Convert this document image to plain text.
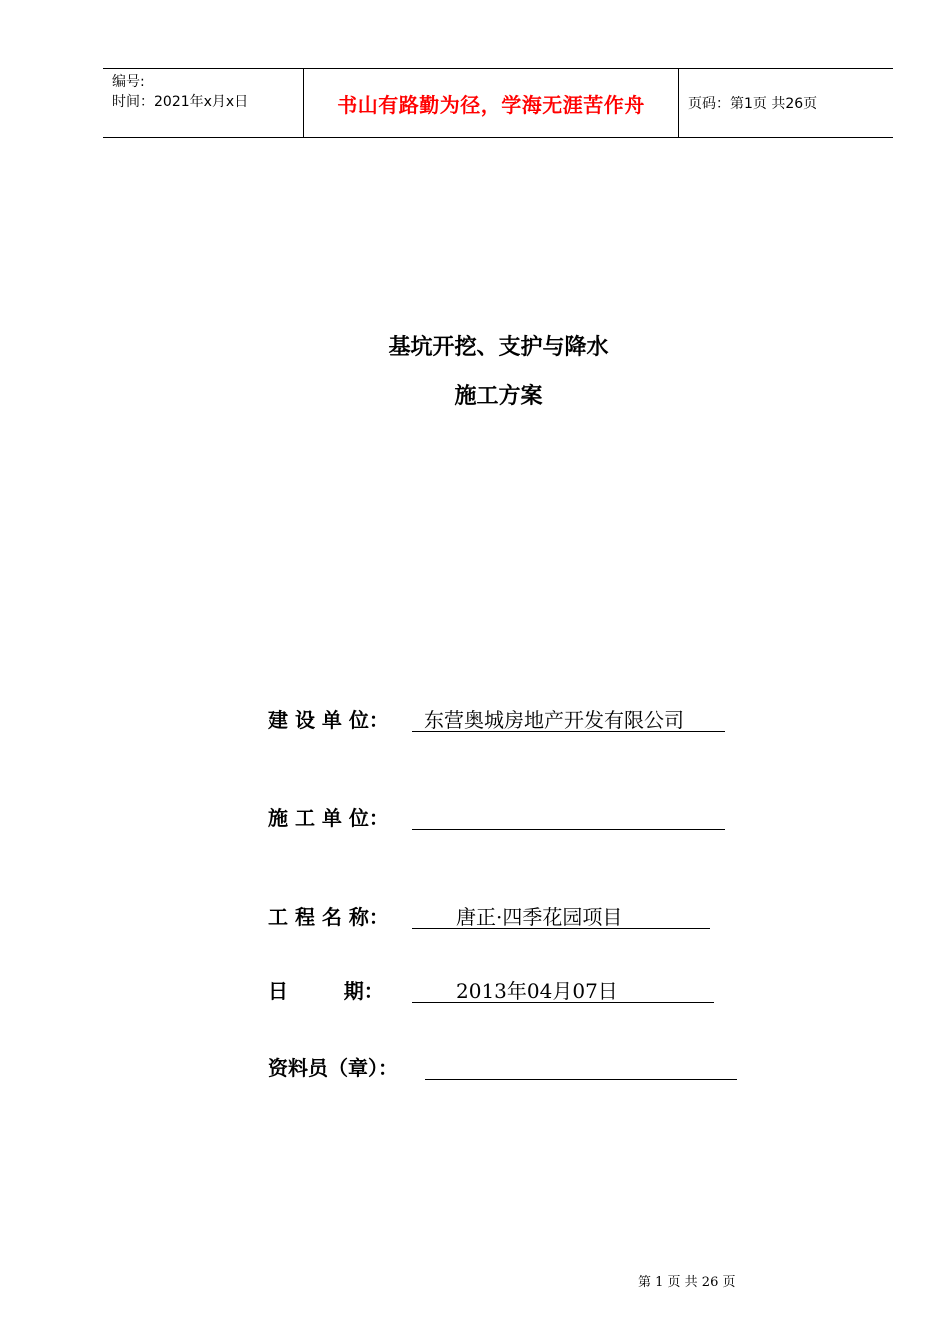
编号:
时间：2021年x月x日	书山有路勤为径，学海无涯苦作舟	页码：第1页 共26页
基坑开挖、支护与降水
施工方案
建 设 单 位： 东营奥城房地产开发有限公司
施 工 单 位：
工 程 名 称：	唐正·四季花园项目
日        期：	2013年04月07日
资料员（章）：
第 1 页 共 26 页
